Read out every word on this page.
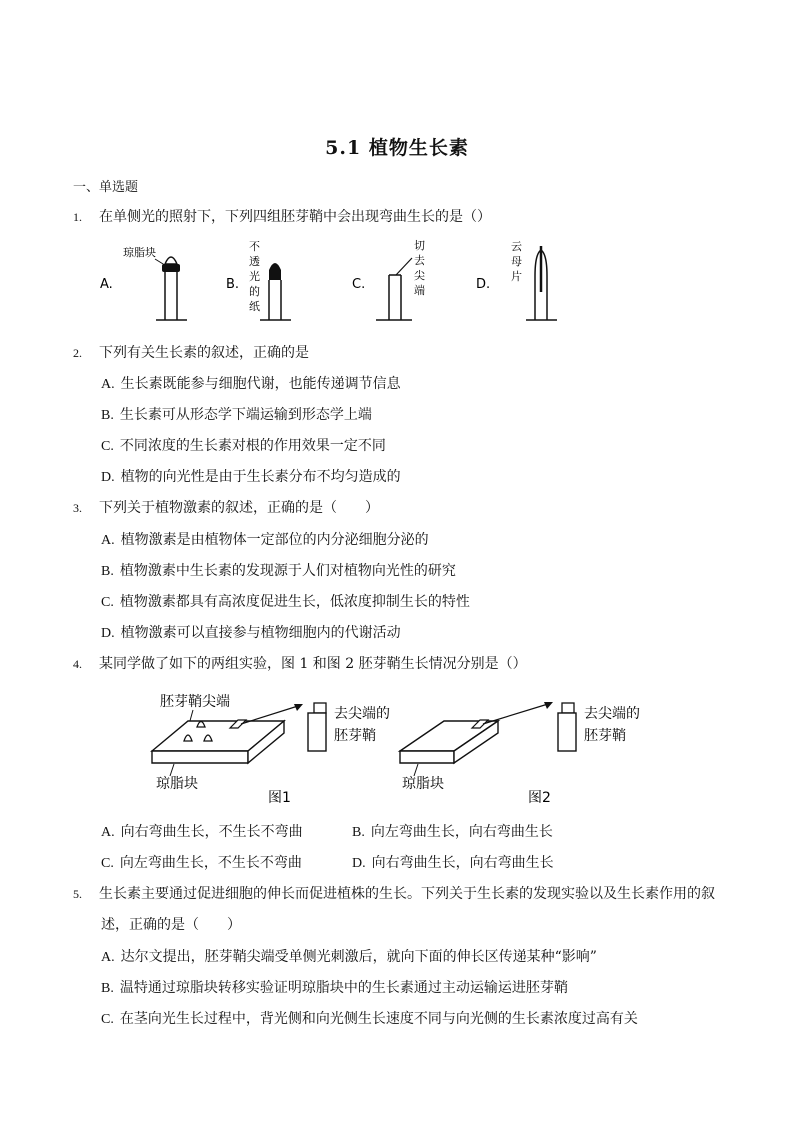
5.1 植物生长素
一、单选题
1. 在单侧光的照射下，下列四组胚芽鞘中会出现弯曲生长的是（）
A.
琼脂块
B.
不
透
光
的
纸
C.
切
去
尖
端	D.
云
母
片
2. 下列有关生长素的叙述，正确的是
A. 生长素既能参与细胞代谢，也能传递调节信息
B. 生长素可从形态学下端运输到形态学上端
C. 不同浓度的生长素对根的作用效果一定不同
D. 植物的向光性是由于生长素分布不均匀造成的
3. 下列关于植物激素的叙述，正确的是（　　）
A. 植物激素是由植物体一定部位的内分泌细胞分泌的
B. 植物激素中生长素的发现源于人们对植物向光性的研究
C. 植物激素都具有高浓度促进生长，低浓度抑制生长的特性
D. 植物激素可以直接参与植物细胞内的代谢活动
4. 某同学做了如下的两组实验，图 1 和图 2 胚芽鞘生长情况分别是（）
胚芽鞘尖端
去尖端的
胚芽鞘
琼脂块
图1
去尖端的
胚芽鞘
琼脂块
图2
A. 向右弯曲生长，不生长不弯曲	B. 向左弯曲生长，向右弯曲生长
C. 向左弯曲生长，不生长不弯曲	D. 向右弯曲生长，向右弯曲生长
5. 生长素主要通过促进细胞的伸长而促进植株的生长。下列关于生长素的发现实验以及生长素作用的叙
述，正确的是（　　）
A. 达尔文提出，胚芽鞘尖端受单侧光刺激后，就向下面的伸长区传递某种“影响”
B. 温特通过琼脂块转移实验证明琼脂块中的生长素通过主动运输运进胚芽鞘
C. 在茎向光生长过程中，背光侧和向光侧生长速度不同与向光侧的生长素浓度过高有关
